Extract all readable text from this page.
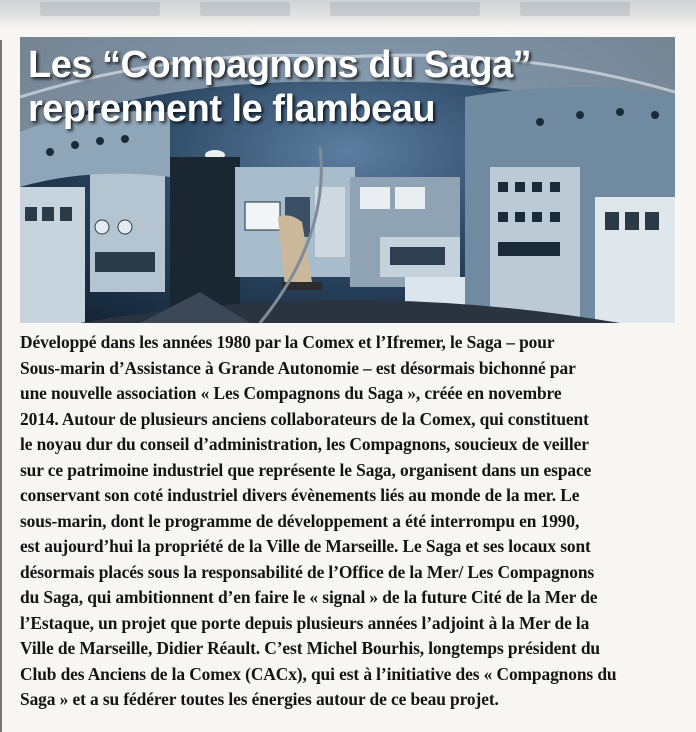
Les “Compagnons du Saga”
reprennent le flambeau
Développé dans les années 1980 par la Comex et l’Ifremer, le Saga – pour
Sous-marin d’Assistance à Grande Autonomie – est désormais bichonné par
une nouvelle association « Les Compagnons du Saga », créée en novembre
2014. Autour de plusieurs anciens collaborateurs de la Comex, qui constituent
le noyau dur du conseil d’administration, les Compagnons, soucieux de veiller
sur ce patrimoine industriel que représente le Saga, organisent dans un espace
conservant son coté industriel divers évènements liés au monde de la mer. Le
sous-marin, dont le programme de développement a été interrompu en 1990,
est aujourd’hui la propriété de la Ville de Marseille. Le Saga et ses locaux sont
désormais placés sous la responsabilité de l’Office de la Mer/ Les Compagnons
du Saga, qui ambitionnent d’en faire le « signal » de la future Cité de la Mer de
l’Estaque, un projet que porte depuis plusieurs années l’adjoint à la Mer de la
Ville de Marseille, Didier Réault. C’est Michel Bourhis, longtemps président du
Club des Anciens de la Comex (CACx), qui est à l’initiative des « Compagnons du
Saga » et a su fédérer toutes les énergies autour de ce beau projet.
